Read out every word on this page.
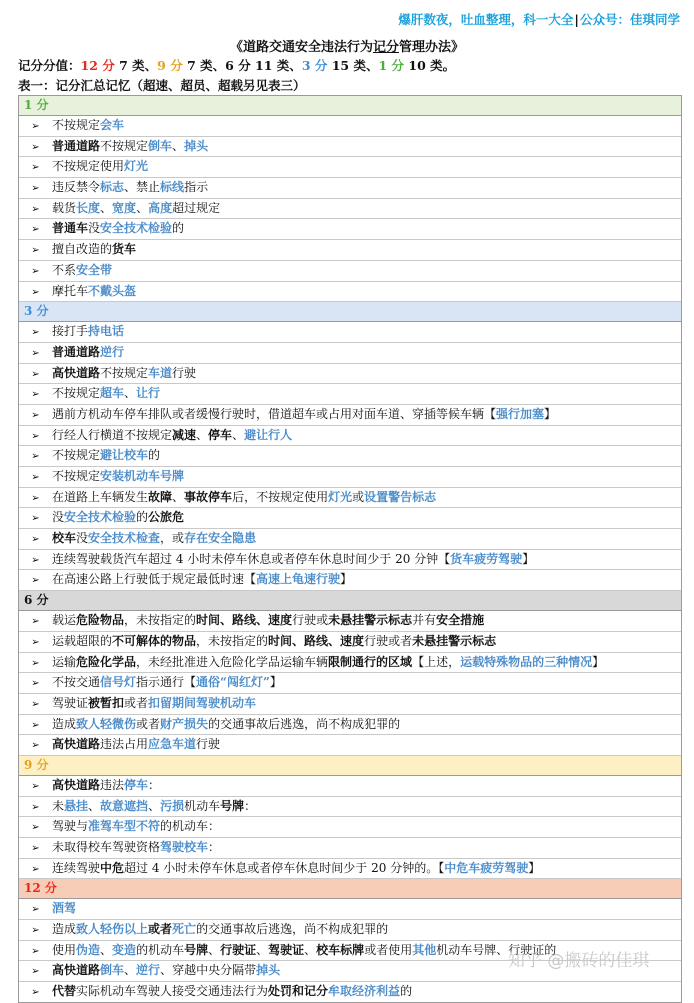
爆肝数夜，吐血整理，科一大全|公众号：佳琪同学
《道路交通安全违法行为记分管理办法》
记分分值：12 分 7 类、9 分 7 类、6 分 11 类、3 分 15 类、1 分 10 类。
表一：记分汇总记忆（超速、超员、超载另见表三）
1 分
➢ 不按规定会车
➢ 普通道路不按规定倒车、掉头
➢ 不按规定使用灯光
➢ 违反禁令标志、禁止标线指示
➢ 载货长度、宽度、高度超过规定
➢ 普通车没安全技术检验的
➢ 擅自改造的货车
➢ 不系安全带
➢ 摩托车不戴头盔
3 分
➢ 接打手持电话
➢ 普通道路逆行
➢ 高快道路不按规定车道行驶
➢ 不按规定超车、让行
➢ 遇前方机动车停车排队或者缓慢行驶时，借道超车或占用对面车道、穿插等候车辆【强行加塞】
➢ 行经人行横道不按规定减速、停车、避让行人
➢ 不按规定避让校车的
➢ 不按规定安装机动车号牌
➢ 在道路上车辆发生故障、事故停车后，不按规定使用灯光或设置警告标志
➢ 没安全技术检验的公旅危
➢ 校车没安全技术检查，或存在安全隐患
➢ 连续驾驶载货汽车超过 4 小时未停车休息或者停车休息时间少于 20 分钟【货车疲劳驾驶】
➢ 在高速公路上行驶低于规定最低时速【高速上龟速行驶】
6 分
➢ 载运危险物品，未按指定的时间、路线、速度行驶或未悬挂警示标志并有安全措施
➢ 运载超限的不可解体的物品，未按指定的时间、路线、速度行驶或者未悬挂警示标志
➢ 运输危险化学品，未经批准进入危险化学品运输车辆限制通行的区域【上述，运载特殊物品的三种情况】
➢ 不按交通信号灯指示通行【通俗“闯红灯”】
➢ 驾驶证被暂扣或者扣留期间驾驶机动车
➢ 造成致人轻微伤或者财产损失的交通事故后逃逸，尚不构成犯罪的
➢ 高快道路违法占用应急车道行驶
9 分
➢ 高快道路违法停车：
➢ 未悬挂、故意遮挡、污损机动车号牌：
➢ 驾驶与准驾车型不符的机动车：
➢ 未取得校车驾驶资格驾驶校车：
➢ 连续驾驶中危超过 4 小时未停车休息或者停车休息时间少于 20 分钟的。【中危车疲劳驾驶】
12 分
➢ 酒驾
➢ 造成致人轻伤以上或者死亡的交通事故后逃逸，尚不构成犯罪的
➢ 使用伪造、变造的机动车号牌、行驶证、驾驶证、校车标牌或者使用其他机动车号牌、行驶证的
➢ 高快道路倒车、逆行、穿越中央分隔带掉头
➢ 代替实际机动车驾驶人接受交通违法行为处罚和记分牟取经济利益的
知乎 @搬砖的佳琪
